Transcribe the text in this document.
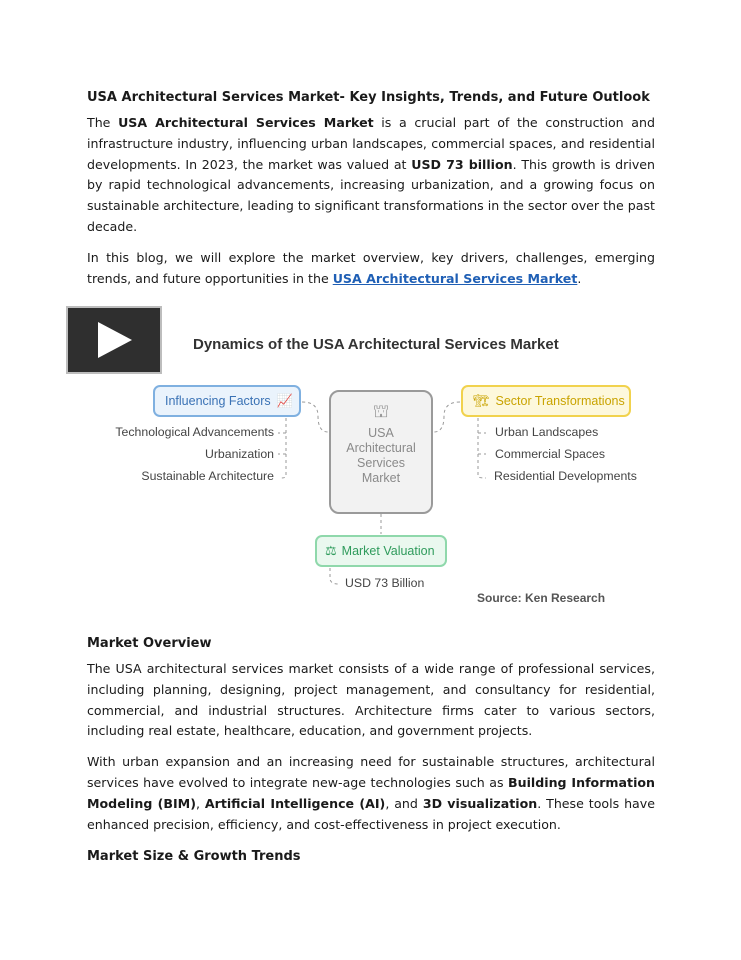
USA Architectural Services Market- Key Insights, Trends, and Future Outlook

The USA Architectural Services Market is a crucial part of the construction and infrastructure industry, influencing urban landscapes, commercial spaces, and residential developments. In 2023, the market was valued at USD 73 billion. This growth is driven by rapid technological advancements, increasing urbanization, and a growing focus on sustainable architecture, leading to significant transformations in the sector over the past decade.

In this blog, we will explore the market overview, key drivers, challenges, emerging trends, and future opportunities in the USA Architectural Services Market.

Dynamics of the USA Architectural Services Market
Influencing Factors 📈	🏗 Sector Transformations
⛫
USA
Architectural
Services
Market
Technological Advancements
Urbanization
Sustainable Architecture
Urban Landscapes
Commercial Spaces
Residential Developments
⚖ Market Valuation
USD 73 Billion
Source: Ken Research

Market Overview

The USA architectural services market consists of a wide range of professional services, including planning, designing, project management, and consultancy for residential, commercial, and industrial structures. Architecture firms cater to various sectors, including real estate, healthcare, education, and government projects.

With urban expansion and an increasing need for sustainable structures, architectural services have evolved to integrate new-age technologies such as Building Information Modeling (BIM), Artificial Intelligence (AI), and 3D visualization. These tools have enhanced precision, efficiency, and cost-effectiveness in project execution.

Market Size & Growth Trends
